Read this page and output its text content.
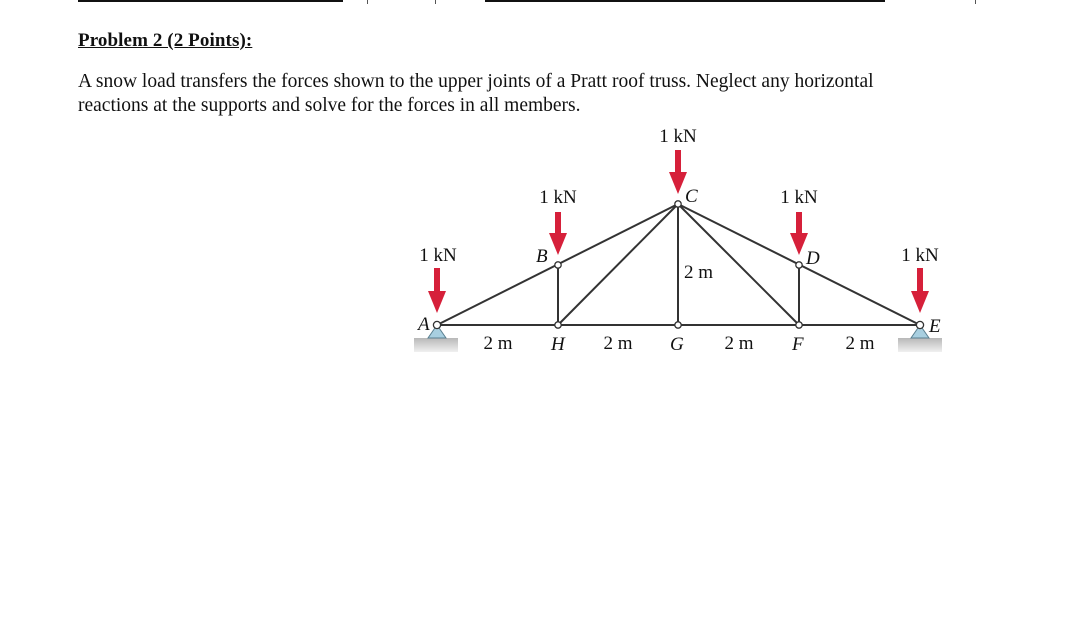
Problem 2 (2 Points):
A snow load transfers the forces shown to the upper joints of a Pratt roof truss. Neglect any horizontal
reactions at the supports and solve for the forces in all members.
1 kN
1 kN
1 kN
1 kN
1 kN
A
B
C
D
E
F
G
H
2 m	2 m	2 m	2 m
2 m
